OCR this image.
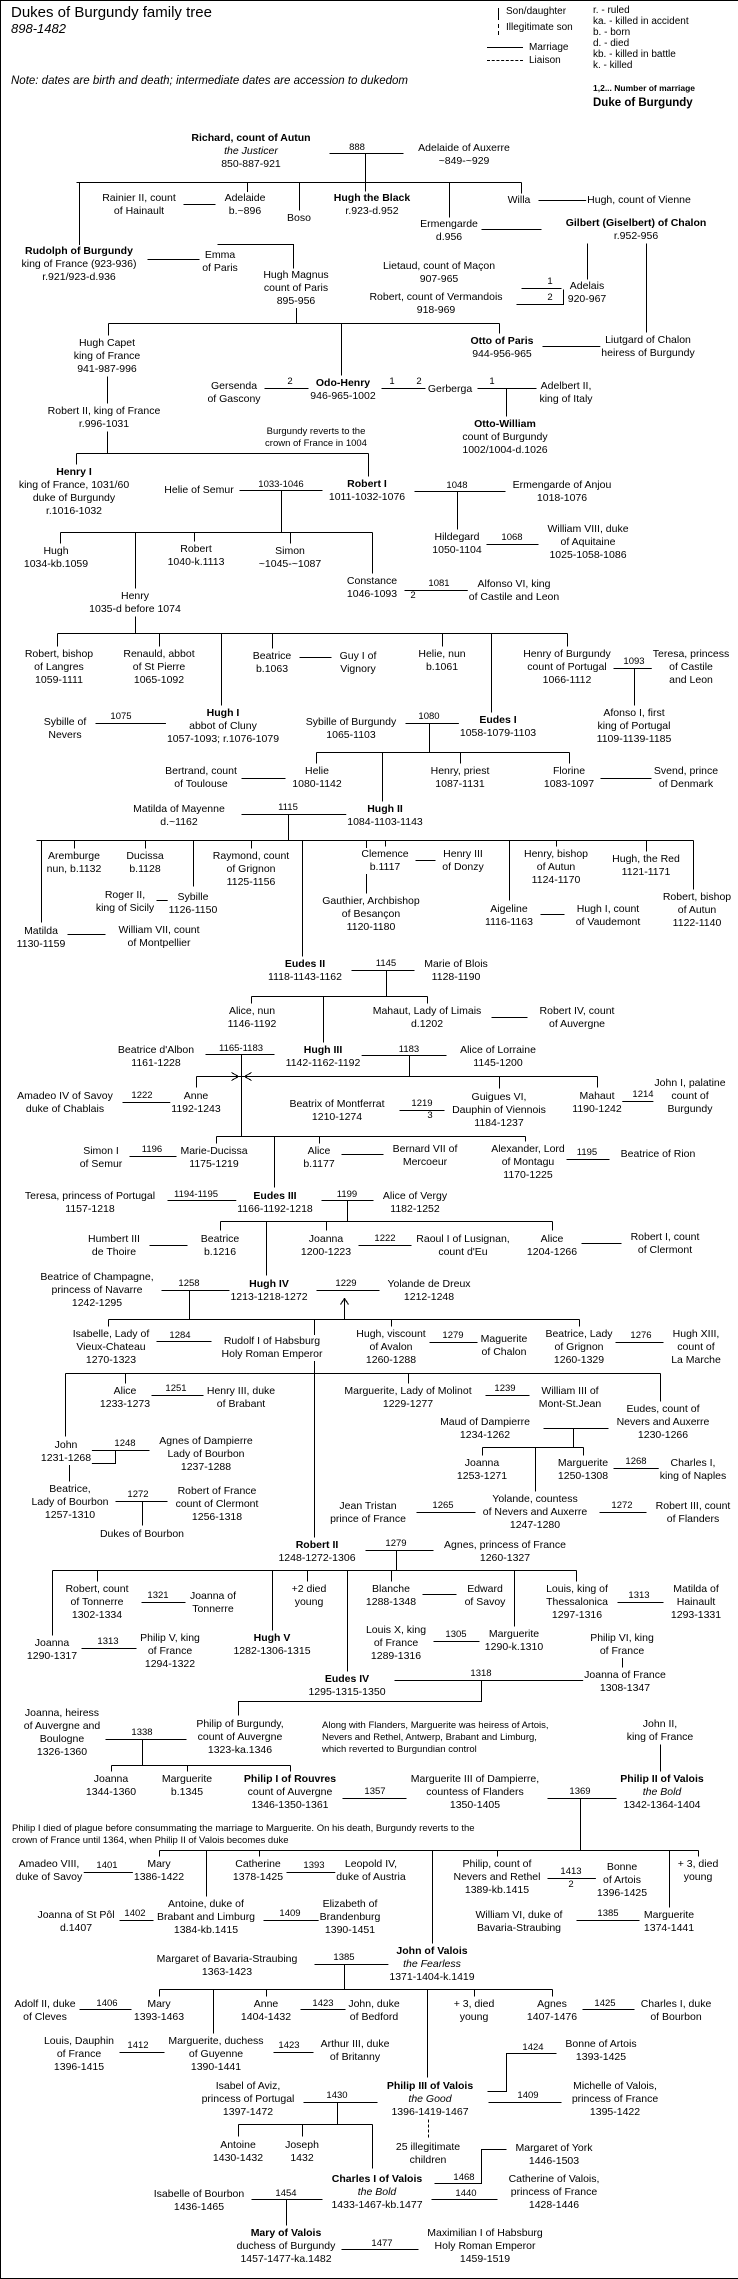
Dukes of Burgundy family tree
898-1482
Note: dates are birth and death; intermediate dates are accession to dukedom
Son/daughter
Illegitimate son
Marriage
Liaison
r. - ruled
ka. - killed in accident
b. - born
d. - died
kb. - killed in battle
k. - killed
1,2... Number of marriage
Duke of Burgundy
Richard, count of Autun
the Justicer
850-887-921
Adelaide of Auxerre
~849-~929
Rainier II, count
of Hainault
Adelaide
b.~896
Boso
Hugh the Black
r.923-d.952
Willa	Hugh, count of Vienne
Ermengarde
d.956
Gilbert (Giselbert) of Chalon
r.952-956
Rudolph of Burgundy
king of France (923-936)
r.921/923-d.936
Emma
of Paris
Hugh Magnus
count of Paris
895-956
Lietaud, count of Maçon
907-965
Adelais
920-967
Robert, count of Vermandois
918-969
Hugh Capet
king of France
941-987-996
Otto of Paris
944-956-965
Liutgard of Chalon
heiress of Burgundy
Gersenda
of Gascony
Odo-Henry
946-965-1002
Gerberga	Adelbert II,
king of Italy
Robert II, king of France
r.996-1031	Otto-William
count of Burgundy
1002/1004-d.1026
Burgundy reverts to the
crown of France in 1004
Henry I
king of France, 1031/60
duke of Burgundy
r.1016-1032
Helie of Semur	Robert I
1011-1032-1076
Ermengarde of Anjou
1018-1076
Hildegard
1050-1104
William VIII, duke
of Aquitaine
1025-1058-1086
Hugh
1034-kb.1059
Robert
1040-k.1113
Simon
~1045-~1087
Constance
1046-1093
Alfonso VI, king
of Castile and Leon
Henry
1035-d before 1074
Robert, bishop
of Langres
1059-1111
Renauld, abbot
of St Pierre
1065-1092
Beatrice
b.1063
Guy I of
Vignory
Helie, nun
b.1061
Henry of Burgundy
count of Portugal
1066-1112
Teresa, princess
of Castile
and Leon
Sybille of
Nevers
Hugh I
abbot of Cluny
1057-1093; r.1076-1079
Sybille of Burgundy
1065-1103
Eudes I
1058-1079-1103
Afonso I, first
king of Portugal
1109-1139-1185
Bertrand, count
of Toulouse
Helie
1080-1142
Henry, priest
1087-1131
Florine
1083-1097
Svend, prince
of Denmark
Matilda of Mayenne
d.~1162
Hugh II
1084-1103-1143
Aremburge
nun, b.1132
Ducissa
b.1128
Raymond, count
of Grignon
1125-1156
Clemence
b.1117
Henry III
of Donzy
Henry, bishop
of Autun
1124-1170
Hugh, the Red
1121-1171
Roger II,
king of Sicily
Sybille
1126-1150
Matilda
1130-1159
William VII, count
of Montpellier
Gauthier, Archbishop
of Besançon
1120-1180
Aigeline
1116-1163
Hugh I, count
of Vaudemont
Robert, bishop
of Autun
1122-1140
Eudes II
1118-1143-1162
Marie of Blois
1128-1190
Alice, nun
1146-1192
Mahaut, Lady of Limais
d.1202
Robert IV, count
of Auvergne
Beatrice d'Albon
1161-1228
Hugh III
1142-1162-1192
Alice of Lorraine
1145-1200
Amadeo IV of Savoy
duke of Chablais
Anne
1192-1243	Beatrix of Montferrat
1210-1274
Guigues VI,
Dauphin of Viennois
1184-1237
Mahaut
1190-1242
John I, palatine
count of
Burgundy
Simon I
of Semur
Marie-Ducissa
1175-1219
Alice
b.1177
Bernard VII of
Mercoeur
Alexander, Lord
of Montagu
1170-1225
Beatrice of Rion
Teresa, princess of Portugal
1157-1218
Eudes III
1166-1192-1218
Alice of Vergy
1182-1252
Humbert III
de Thoire
Beatrice
b.1216
Joanna
1200-1223
Raoul I of Lusignan,
count d'Eu
Alice
1204-1266
Robert I, count
of Clermont
Beatrice of Champagne,
princess of Navarre
1242-1295
Hugh IV
1213-1218-1272
Yolande de Dreux
1212-1248
Isabelle, Lady of
Vieux-Chateau
1270-1323
Rudolf I of Habsburg
Holy Roman Emperor
Hugh, viscount
of Avalon
1260-1288
Maguerite
of Chalon
Beatrice, Lady
of Grignon
1260-1329
Hugh XIII,
count of
La Marche
Alice
1233-1273
Henry III, duke
of Brabant
Marguerite, Lady of Molinot
1229-1277
William III of
Mont-St.Jean
Maud of Dampierre
1234-1262
Eudes, count of
Nevers and Auxerre
1230-1266
John
1231-1268
Agnes of Dampierre
Lady of Bourbon
1237-1288	Joanna
1253-1271
Marguerite
1250-1308
Charles I,
king of Naples
Beatrice,
Lady of Bourbon
1257-1310
Robert of France
count of Clermont
1256-1318
Dukes of Bourbon
Jean Tristan
prince of France
Yolande, countess
of Nevers and Auxerre
1247-1280
Robert III, count
of Flanders
Robert II
1248-1272-1306
Agnes, princess of France
1260-1327
Robert, count
of Tonnerre
1302-1334
Joanna of
Tonnerre
+2 died
young
Blanche
1288-1348
Edward
of Savoy
Louis, king of
Thessalonica
1297-1316
Matilda of
Hainault
1293-1331
Joanna
1290-1317
Philip V, king
of France
1294-1322
Hugh V
1282-1306-1315
Louis X, king
of France
1289-1316
Marguerite
1290-k.1310
Philip VI, king
of France
Eudes IV
1295-1315-1350
Joanna of France
1308-1347
Joanna, heiress
of Auvergne and
Boulogne
1326-1360
Philip of Burgundy,
count of Auvergne
1323-ka.1346
Along with Flanders, Marguerite was heiress of Artois,
Nevers and Rethel, Antwerp, Brabant and Limburg,
which reverted to Burgundian control
John II,
king of France
Joanna
1344-1360
Marguerite
b.1345
Philip I of Rouvres
count of Auvergne
1346-1350-1361
Marguerite III of Dampierre,
countess of Flanders
1350-1405
Philip II of Valois
the Bold
1342-1364-1404
Philip I died of plague before consummating the marriage to Marguerite. On his death, Burgundy reverts to the
crown of France until 1364, when Philip II of Valois becomes duke
Amadeo VIII,
duke of Savoy
Mary
1386-1422
Catherine
1378-1425
Leopold IV,
duke of Austria
Philip, count of
Nevers and Rethel
1389-kb.1415
Bonne
of Artois
1396-1425
+ 3, died
young
Joanna of St Pôl
d.1407
Antoine, duke of
Brabant and Limburg
1384-kb.1415
Elizabeth of
Brandenburg
1390-1451
William VI, duke of
Bavaria-Straubing
Marguerite
1374-1441
Margaret of Bavaria-Straubing
1363-1423
John of Valois
the Fearless
1371-1404-k.1419
Adolf II, duke
of Cleves
Mary
1393-1463
Anne
1404-1432
John, duke
of Bedford
+ 3, died
young
Agnes
1407-1476
Charles I, duke
of Bourbon
Louis, Dauphin
of France
1396-1415
Marguerite, duchess
of Guyenne
1390-1441
Arthur III, duke
of Britanny
Bonne of Artois
1393-1425
Isabel of Aviz,
princess of Portugal
1397-1472
Philip III of Valois
the Good
1396-1419-1467
Michelle of Valois,
princess of France
1395-1422
Antoine
1430-1432
Joseph
1432
25 illegitimate
children
Margaret of York
1446-1503
Charles I of Valois
the Bold
1433-1467-kb.1477
Catherine of Valois,
princess of France
1428-1446
Isabelle of Bourbon
1436-1465
Mary of Valois
duchess of Burgundy
1457-1477-ka.1482
Maximilian I of Habsburg
Holy Roman Emperor
1459-1519
888
1
2
2	1 2	1
1033-1046	1048
1068
1081
2
1093
1075	1080
1115
1145
1165-1183	1183
1222
1219
3
1214
1196	1195
1194-1195	1199
1222
1258	1229
1284	1279	1276
1251	1239
1248
1268
1272
1265	1272
1279
1321	1313
1313
1305
1318
1338
1357	1369
1401	1393
1413
2
1402	1409	1385
1385
1406	1423	1425
1412	1423	1424
1430	1409
1468
1440
1454
1477
